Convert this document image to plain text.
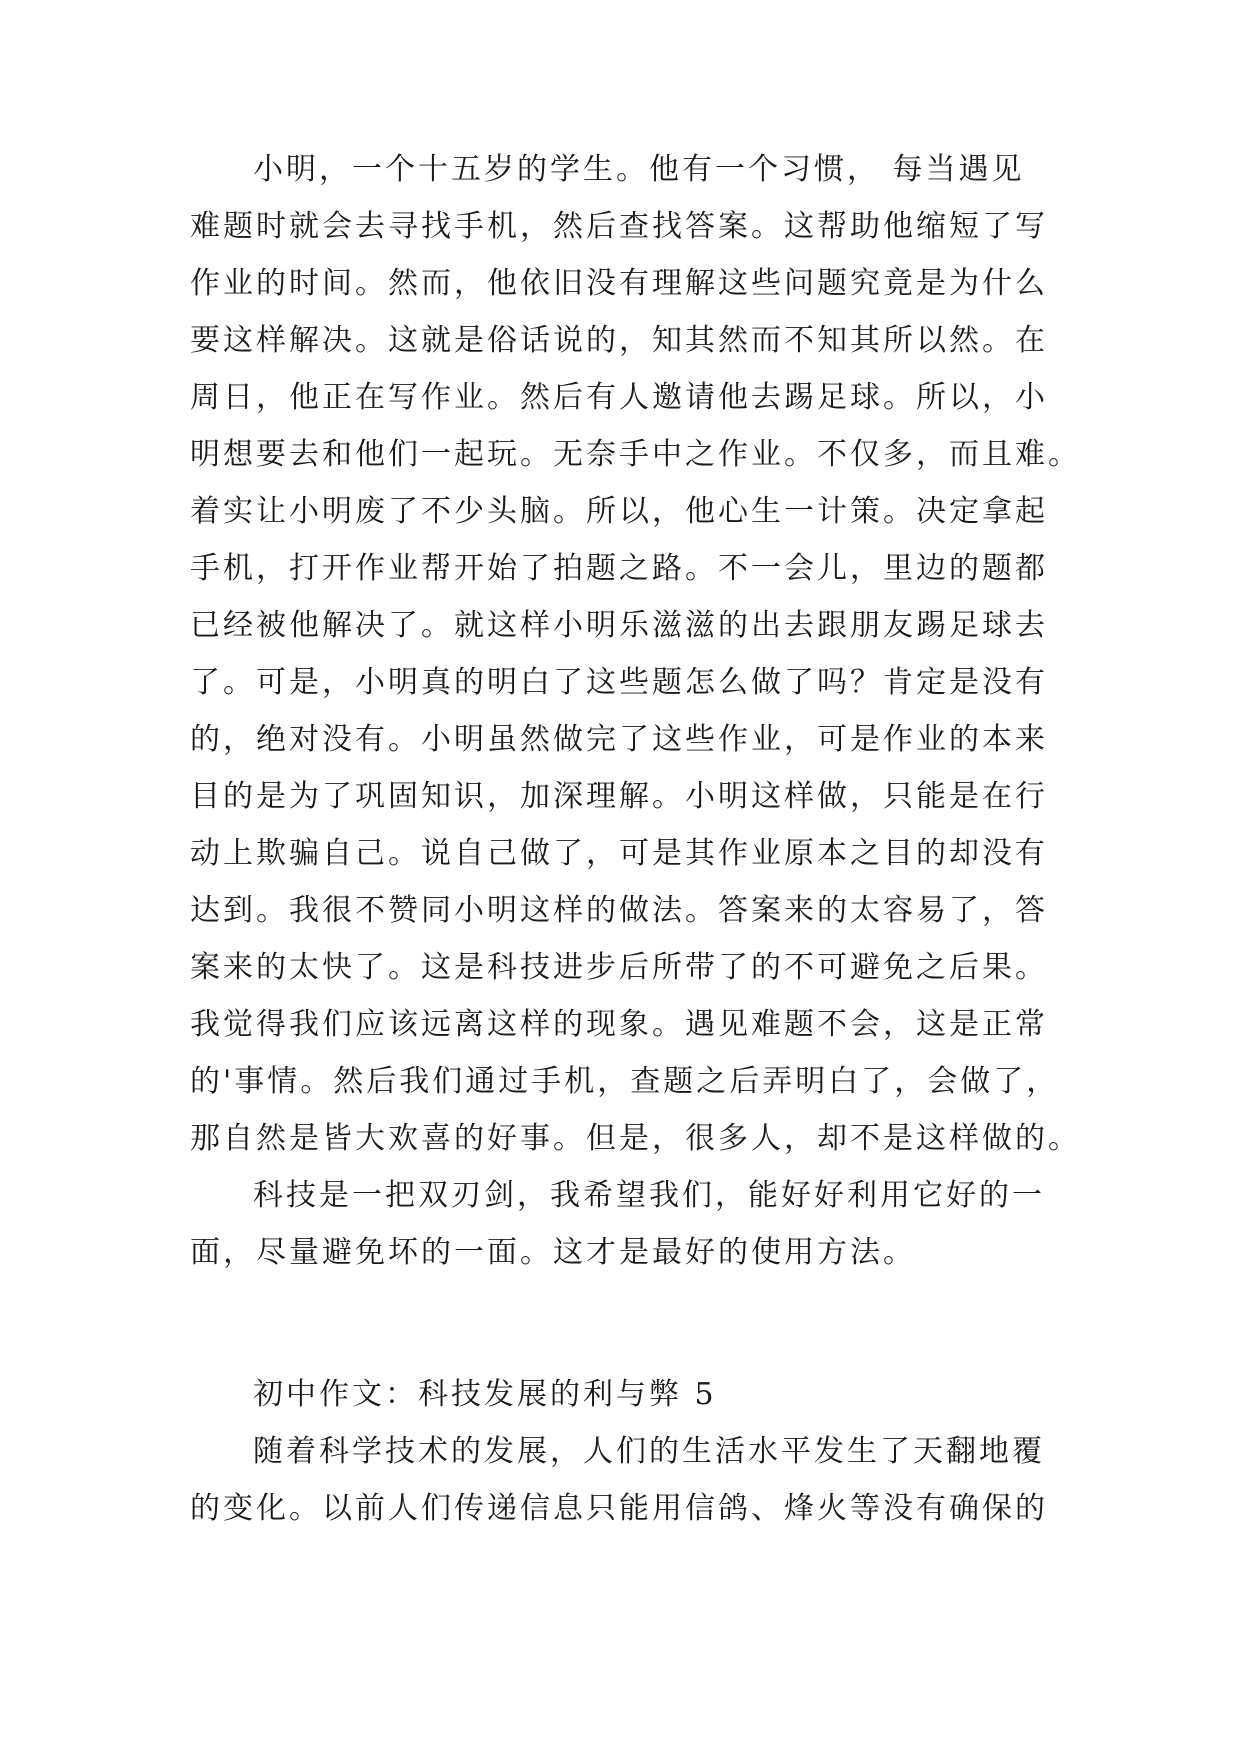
小明，一个十五岁的学生。他有一个习惯， 每当遇见
难题时就会去寻找手机，然后查找答案。这帮助他缩短了写
作业的时间。然而，他依旧没有理解这些问题究竟是为什么
要这样解决。这就是俗话说的，知其然而不知其所以然。在
周日，他正在写作业。然后有人邀请他去踢足球。所以，小
明想要去和他们一起玩。无奈手中之作业。不仅多，而且难。
着实让小明废了不少头脑。所以，他心生一计策。决定拿起
手机，打开作业帮开始了拍题之路。不一会儿，里边的题都
已经被他解决了。就这样小明乐滋滋的出去跟朋友踢足球去
了。可是，小明真的明白了这些题怎么做了吗？肯定是没有
的，绝对没有。小明虽然做完了这些作业，可是作业的本来
目的是为了巩固知识，加深理解。小明这样做，只能是在行
动上欺骗自己。说自己做了，可是其作业原本之目的却没有
达到。我很不赞同小明这样的做法。答案来的太容易了，答
案来的太快了。这是科技进步后所带了的不可避免之后果。
我觉得我们应该远离这样的现象。遇见难题不会，这是正常
的'事情。然后我们通过手机，查题之后弄明白了，会做了，
那自然是皆大欢喜的好事。但是，很多人，却不是这样做的。
科技是一把双刃剑，我希望我们，能好好利用它好的一
面，尽量避免坏的一面。这才是最好的使用方法。
初中作文：科技发展的利与弊 5
随着科学技术的发展，人们的生活水平发生了天翻地覆
的变化。以前人们传递信息只能用信鸽、烽火等没有确保的
